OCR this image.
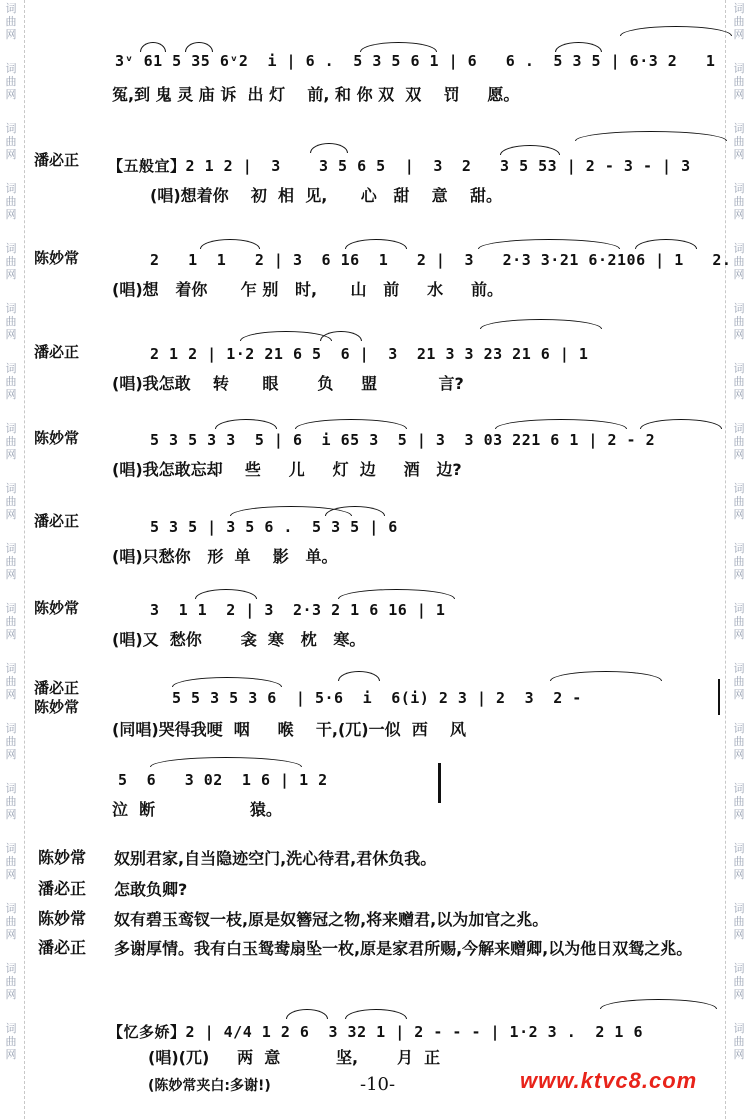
词
曲
网
词
曲
网
词
曲
网
词
曲
网
词
曲
网
词
曲
网
词
曲
网
词
曲
网
词
曲
网
词
曲
网
词
曲
网
词
曲
网
词
曲
网
词
曲
网
词
曲
网
词
曲
网
词
曲
网
词
曲
网
词
曲
网
词
曲
网
词
曲
网
词
曲
网
词
曲
网
词
曲
网
词
曲
网
词
曲
网
词
曲
网
词
曲
网
词
曲
网
词
曲
网
词
曲
网
词
曲
网
词
曲
网
词
曲
网
词
曲
网
词
曲
网
3ᵛ 61 5 35 6ᵛ2  i | 6 .  5 3 5 6 1 | 6   6 .  5 3 5 | 6·3 2   1
冤,到 鬼 灵 庙 诉  出 灯    前, 和 你 双  双    罚     愿。
潘必正 【五般宜】2 1 2 |  3    3 5 6 5  |  3  2   3 5 53 | 2 - 3 - | 3
(唱)想着你    初  相  见,      心   甜    意    甜。
陈妙常	2   1  1   2 | 3  6 16  1   2 |  3   2·3 3·21 6·2106 | 1   2.
(唱)想   着你      乍 别   时,      山   前     水     前。
潘必正	2 1 2 | 1·2 21 6 5  6 |  3  21 3 3 23 21 6 | 1
(唱)我怎敢    转      眼       负     盟           言?
陈妙常	5 3 5 3 3  5 | 6  i 65 3  5 | 3  3 03 221 6 1 | 2 - 2
(唱)我怎敢忘却    些     儿     灯  边     酒   边?
潘必正	5 3 5 | 3 5 6 .  5 3 5 | 6
(唱)只愁你   形  单    影   单。
陈妙常	3  1 1  2 | 3  2·3 2 1 6 16 | 1
(唱)又  愁你       衾  寒   枕   寒。
潘必正
陈妙常	5 5 3 5 3 6  | 5·6  i  6(i) 2 3 | 2  3  2 -
(同唱)哭得我哽  咽     喉    干,(兀)一似  西    风
5  6   3 02  1 6 | 1 2
泣  断                 猿。
陈妙常 奴别君家,自当隐迹空门,洗心待君,君休负我。
潘必正 怎敢负卿?
陈妙常 奴有碧玉鸾钗一枝,原是奴簪冠之物,将来赠君,以为加官之兆。
潘必正 多谢厚情。我有白玉鸳鸯扇坠一枚,原是家君所赐,今解来赠卿,以为他日双鸳之兆。
【忆多娇】2 | 4/4 1 2 6  3 32 1 | 2 - - - | 1·2 3 .  2 1 6
(唱)(兀)     两  意          坚,       月  正
(陈妙常夹白:多谢!)	-10-	www.ktvc8.com
